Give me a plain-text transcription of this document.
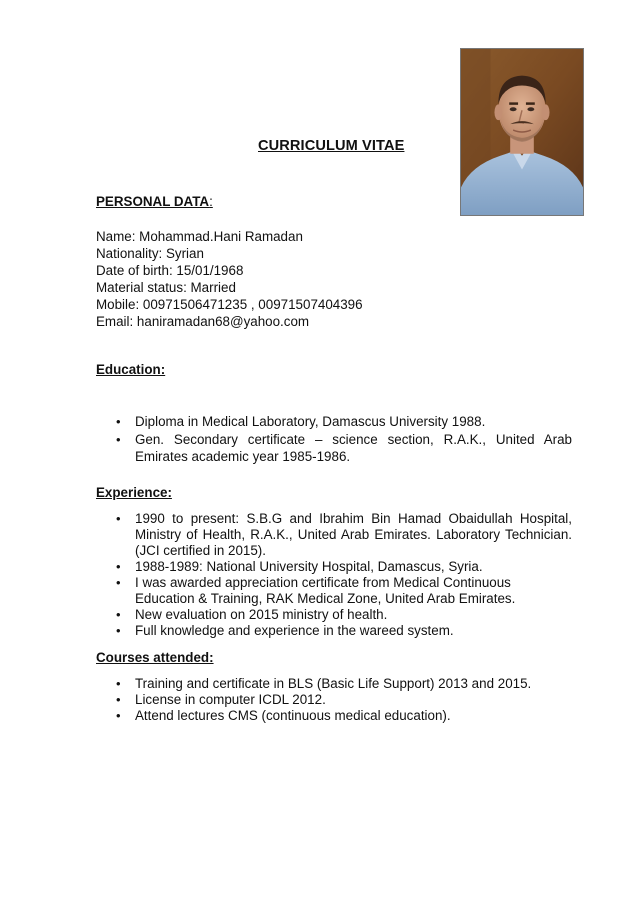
CURRICULUM VITAE
PERSONAL DATA:
Name: Mohammad.Hani Ramadan
Nationality: Syrian
Date of birth: 15/01/1968
Material status: Married
Mobile: 00971506471235 , 00971507404396
Email: haniramadan68@yahoo.com
Education:
• Diploma in Medical Laboratory, Damascus University 1988.
• Gen. Secondary certificate – science section, R.A.K., United Arab Emirates academic year 1985-1986.
Experience:
• 1990 to present: S.B.G and Ibrahim Bin Hamad Obaidullah Hospital, Ministry of Health, R.A.K., United Arab Emirates. Laboratory Technician. (JCI certified in 2015).
• 1988-1989: National University Hospital, Damascus, Syria.
• I was awarded appreciation certificate from Medical Continuous Education & Training, RAK Medical Zone, United Arab Emirates.
• New evaluation on 2015 ministry of health.
• Full knowledge and experience in the wareed system.
Courses attended:
• Training and certificate in BLS (Basic Life Support) 2013 and 2015.
• License in computer ICDL 2012.
• Attend lectures CMS (continuous medical education).
